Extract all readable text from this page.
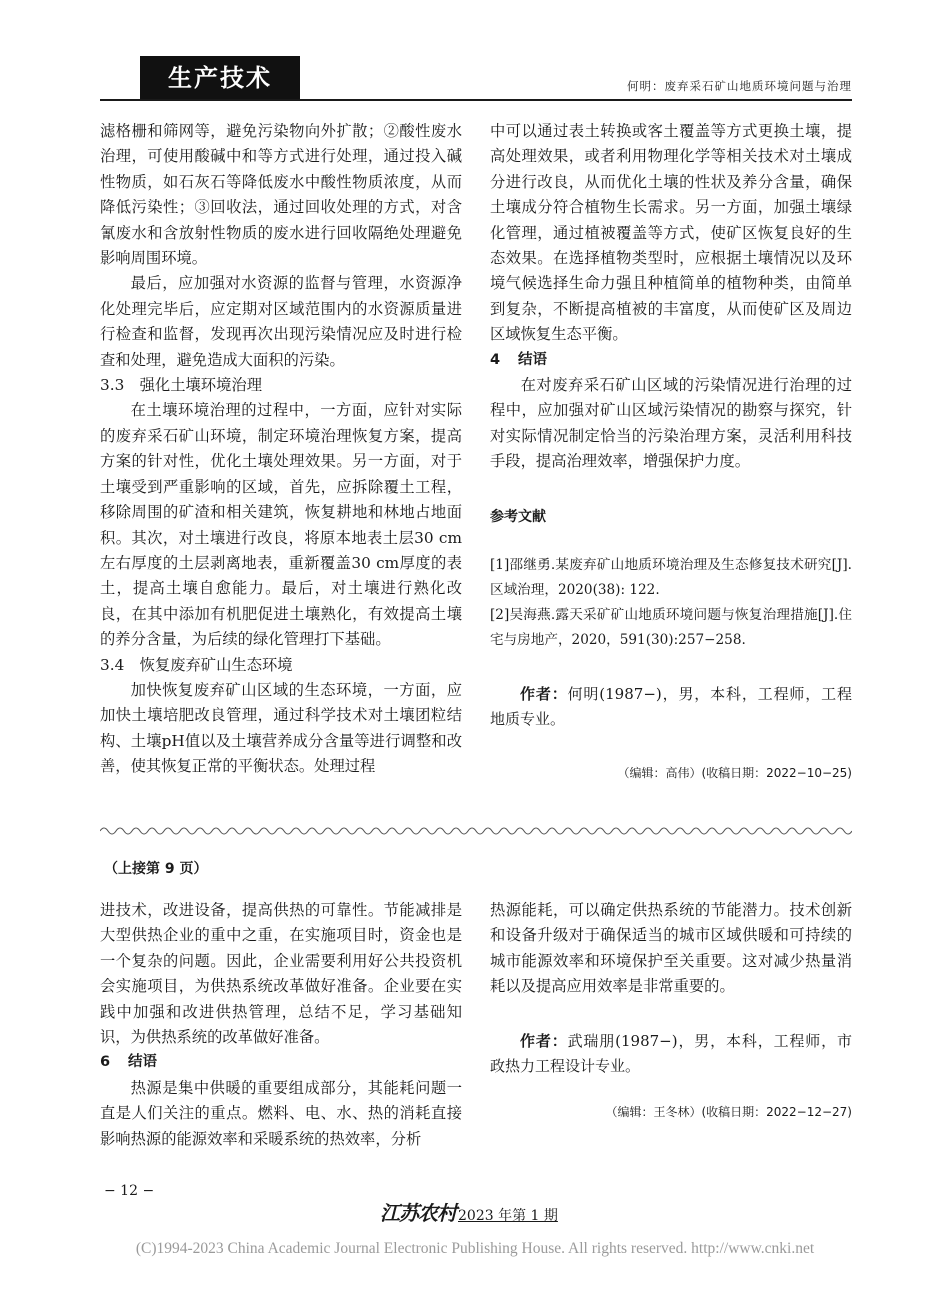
生产技术	何明：废弃采石矿山地质环境问题与治理

滤格栅和筛网等，避免污染物向外扩散；②酸性废水治理，可使用酸碱中和等方式进行处理，通过投入碱性物质，如石灰石等降低废水中酸性物质浓度，从而降低污染性；③回收法，通过回收处理的方式，对含氰废水和含放射性物质的废水进行回收隔绝处理避免影响周围环境。

最后，应加强对水资源的监督与管理，水资源净化处理完毕后，应定期对区域范围内的水资源质量进行检查和监督，发现再次出现污染情况应及时进行检查和处理，避免造成大面积的污染。

3.3　强化土壤环境治理

在土壤环境治理的过程中，一方面，应针对实际的废弃采石矿山环境，制定环境治理恢复方案，提高方案的针对性，优化土壤处理效果。另一方面，对于土壤受到严重影响的区域，首先，应拆除覆土工程，移除周围的矿渣和相关建筑，恢复耕地和林地占地面积。其次，对土壤进行改良，将原本地表土层30 cm左右厚度的土层剥离地表，重新覆盖30 cm厚度的表土，提高土壤自愈能力。最后，对土壤进行熟化改良，在其中添加有机肥促进土壤熟化，有效提高土壤的养分含量，为后续的绿化管理打下基础。

3.4　恢复废弃矿山生态环境

加快恢复废弃矿山区域的生态环境，一方面，应加快土壤培肥改良管理，通过科学技术对土壤团粒结构、土壤pH值以及土壤营养成分含量等进行调整和改善，使其恢复正常的平衡状态。处理过程

中可以通过表土转换或客土覆盖等方式更换土壤，提高处理效果，或者利用物理化学等相关技术对土壤成分进行改良，从而优化土壤的性状及养分含量，确保土壤成分符合植物生长需求。另一方面，加强土壤绿化管理，通过植被覆盖等方式，使矿区恢复良好的生态效果。在选择植物类型时，应根据土壤情况以及环境气候选择生命力强且种植简单的植物种类，由简单到复杂，不断提高植被的丰富度，从而使矿区及周边区域恢复生态平衡。

4 结语

在对废弃采石矿山区域的污染情况进行治理的过程中，应加强对矿山区域污染情况的勘察与探究，针对实际情况制定恰当的污染治理方案，灵活利用科技手段，提高治理效率，增强保护力度。

参考文献

[1]邵继勇.某废弃矿山地质环境治理及生态修复技术研究[J].区域治理，2020(38): 122.

[2]吴海燕.露天采矿矿山地质环境问题与恢复治理措施[J].住宅与房地产，2020，591(30):257−258.

作者：何明(1987−)，男，本科，工程师，工程地质专业。

（编辑：高伟）(收稿日期：2022−10−25)
（上接第 9 页）

进技术，改进设备，提高供热的可靠性。节能减排是大型供热企业的重中之重，在实施项目时，资金也是一个复杂的问题。因此，企业需要利用好公共投资机会实施项目，为供热系统改革做好准备。企业要在实践中加强和改进供热管理，总结不足，学习基础知识，为供热系统的改革做好准备。

6 结语

热源是集中供暖的重要组成部分，其能耗问题一直是人们关注的重点。燃料、电、水、热的消耗直接影响热源的能源效率和采暖系统的热效率，分析

热源能耗，可以确定供热系统的节能潜力。技术创新和设备升级对于确保适当的城市区域供暖和可持续的城市能源效率和环境保护至关重要。这对减少热量消耗以及提高应用效率是非常重要的。

作者：武瑞朋(1987−)，男，本科，工程师，市政热力工程设计专业。

（编辑：王冬林）(收稿日期：2022−12−27)
− 12 −
江苏农村 2023 年第 1 期
(C)1994-2023 China Academic Journal Electronic Publishing House. All rights reserved. http://www.cnki.net
